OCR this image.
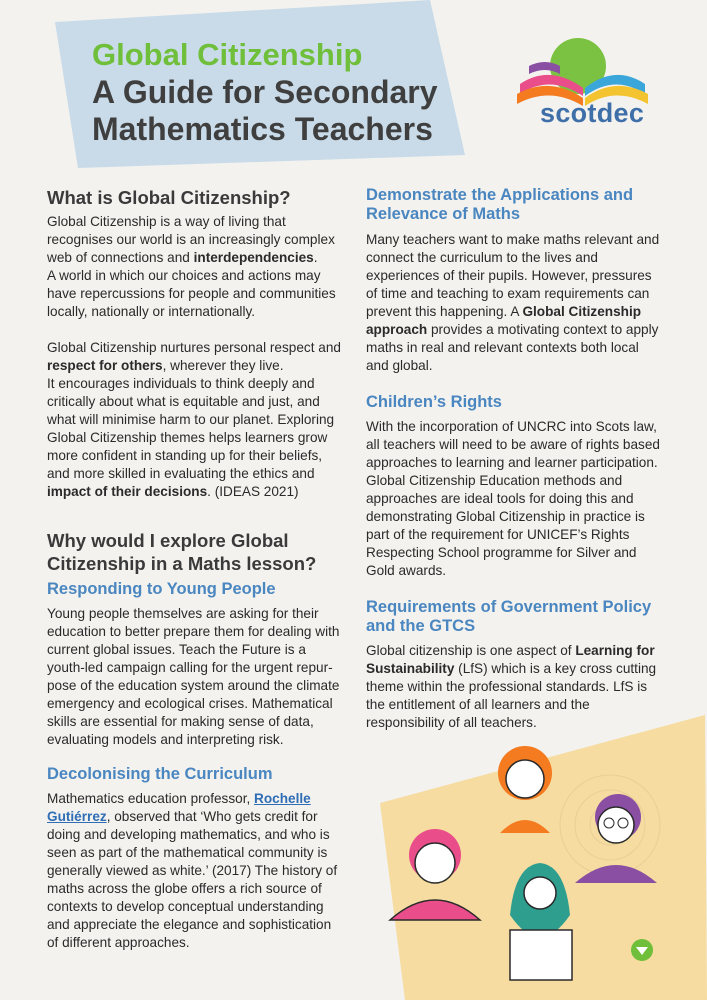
Global Citizenship
A Guide for Secondary
Mathematics Teachers	scotdec
What is Global Citizenship?

Global Citizenship is a way of living that recognises our world is an increasingly complex web of connections and interdependencies.
A world in which our choices and actions may have repercussions for people and communities locally, nationally or internationally.

Global Citizenship nurtures personal respect and respect for others, wherever they live.
It encourages individuals to think deeply and critically about what is equitable and just, and what will minimise harm to our planet. Exploring Global Citizenship themes helps learners grow more confident in standing up for their beliefs, and more skilled in evaluating the ethics and impact of their decisions. (IDEAS 2021)

Why would I explore Global Citizenship in a Maths lesson?
Responding to Young People

Young people themselves are asking for their education to better prepare them for dealing with current global issues. Teach the Future is a youth-led campaign calling for the urgent repur-pose of the education system around the climate emergency and ecological crises. Mathematical skills are essential for making sense of data, evaluating models and interpreting risk.

Decolonising the Curriculum

Mathematics education professor, Rochelle Gutiérrez, observed that ‘Who gets credit for doing and developing mathematics, and who is seen as part of the mathematical community is generally viewed as white.’ (2017) The history of maths across the globe offers a rich source of contexts to develop conceptual understanding and appreciate the elegance and sophistication of different approaches.

Demonstrate the Applications and Relevance of Maths

Many teachers want to make maths relevant and connect the curriculum to the lives and experiences of their pupils. However, pressures of time and teaching to exam requirements can prevent this happening. A Global Citizenship approach provides a motivating context to apply maths in real and relevant contexts both local and global.

Children’s Rights

With the incorporation of UNCRC into Scots law, all teachers will need to be aware of rights based approaches to learning and learner participation. Global Citizenship Education methods and approaches are ideal tools for doing this and demonstrating Global Citizenship in practice is part of the requirement for UNICEF’s Rights Respecting School programme for Silver and Gold awards.

Requirements of Government Policy and the GTCS

Global citizenship is one aspect of Learning for Sustainability (LfS) which is a key cross cutting theme within the professional standards. LfS is the entitlement of all learners and the responsibility of all teachers.
